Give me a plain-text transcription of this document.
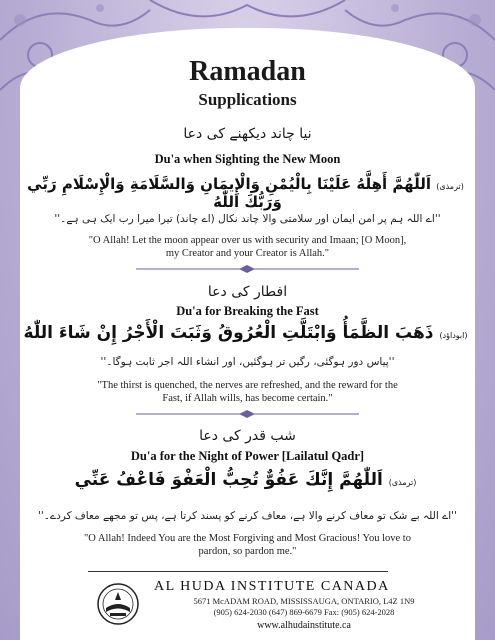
Ramadan
Supplications
نیا چاند دیکھنے کی دعا
Du'a when Sighting the New Moon
(ترمذی) اَللّٰهُمَّ أَهِلَّهُ عَلَيْنَا بِالْيُمْنِ وَالْإِيمَانِ وَالسَّلَامَةِ وَالْإِسْلَامِ رَبِّي وَرَبُّكَ اللّٰهُ
''اے اللہ ہم پر امن ایمان اور سلامتی والا چاند نکال (اے چاند) تیرا میرا رب ایک ہی ہے۔''
"O Allah! Let the moon appear over us with security and Imaan; [O Moon],
my Creator and your Creator is Allah."
افطار کی دعا
Du'a for Breaking the Fast
(ابوداؤد) ذَهَبَ الظَّمَأُ وَابْتَلَّتِ الْعُرُوقُ وَثَبَتَ الْأَجْرُ إِنْ شَاءَ اللّٰهُ
''پیاس دور ہوگئی، رگیں تر ہوگئیں، اور انشاء اللہ اجر ثابت ہوگا۔''
"The thirst is quenched, the nerves are refreshed, and the reward for the
Fast, if Allah wills, has become certain."
شب قدر کی دعا
Du'a for the Night of Power [Lailatul Qadr]
(ترمذی) اَللّٰهُمَّ إِنَّكَ عَفُوٌّ تُحِبُّ الْعَفْوَ فَاعْفُ عَنِّي
''اے اللہ بے شک تو معاف کرنے والا ہے، معاف کرنے کو پسند کرتا ہے، پس تو مجھے معاف کردے۔''
"O Allah! Indeed You are the Most Forgiving and Most Gracious! You love to
pardon, so pardon me."
AL HUDA INSTITUTE CANADA
5671 McADAM ROAD, MISSISSAUGA, ONTARIO, L4Z 1N9
(905) 624-2030 (647) 869-6679 Fax: (905) 624-2028
www.alhudainstitute.ca
